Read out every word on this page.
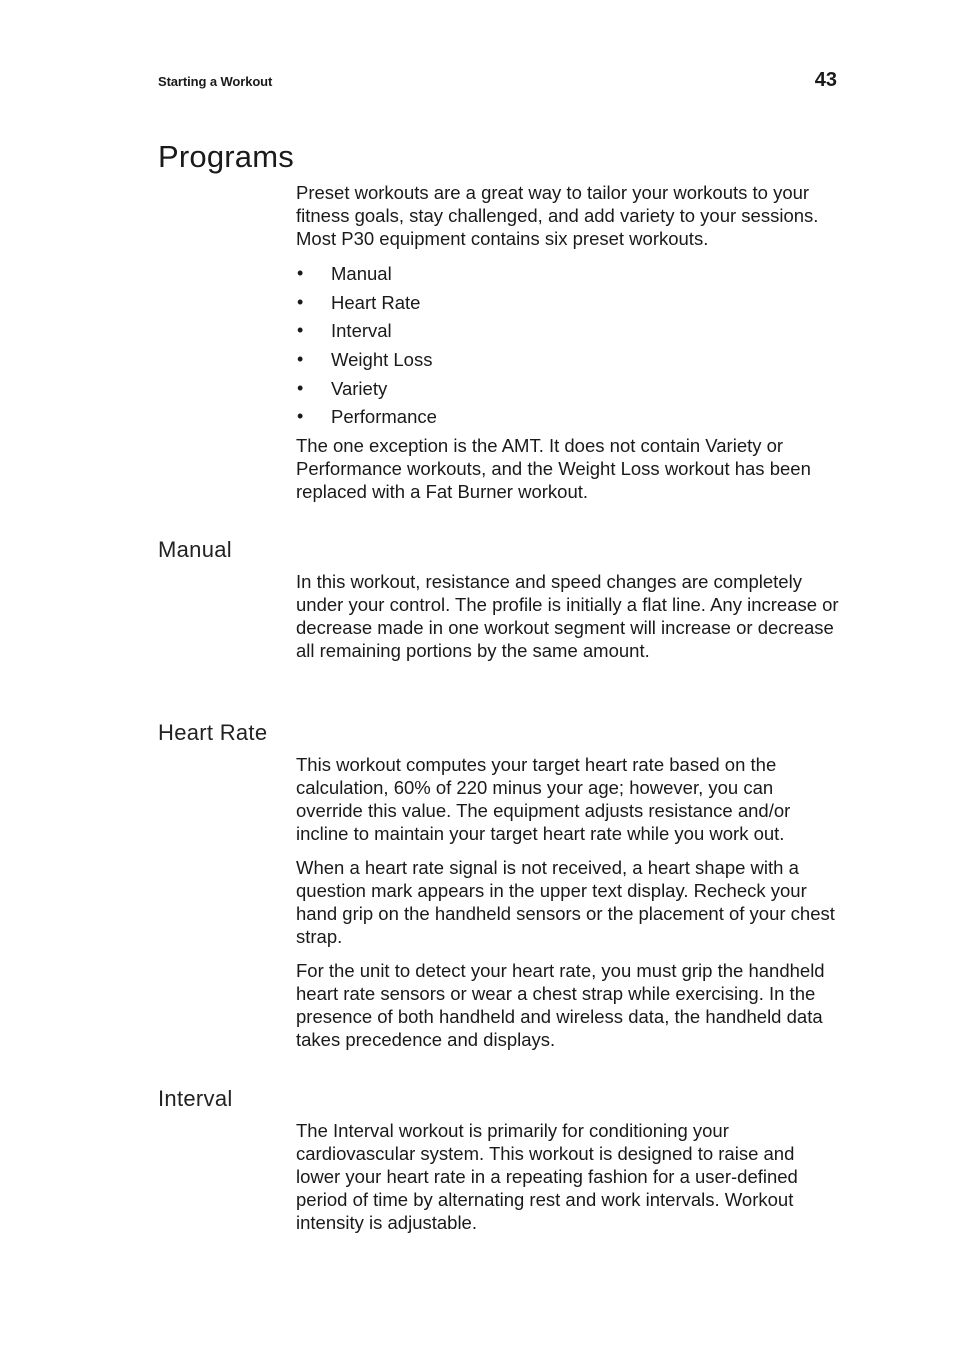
Starting a Workout	43
Programs

Preset workouts are a great way to tailor your workouts to your fitness goals, stay challenged, and add variety to your sessions. Most P30 equipment contains six preset workouts.

• Manual
• Heart Rate
• Interval
• Weight Loss
• Variety
• Performance

The one exception is the AMT. It does not contain Variety or Performance workouts, and the Weight Loss workout has been replaced with a Fat Burner workout.

Manual

In this workout, resistance and speed changes are completely under your control. The profile is initially a flat line. Any increase or decrease made in one workout segment will increase or decrease all remaining portions by the same amount.

Heart Rate

This workout computes your target heart rate based on the calculation, 60% of 220 minus your age; however, you can override this value. The equipment adjusts resistance and/or incline to maintain your target heart rate while you work out.

When a heart rate signal is not received, a heart shape with a question mark appears in the upper text display. Recheck your hand grip on the handheld sensors or the placement of your chest strap.

For the unit to detect your heart rate, you must grip the handheld heart rate sensors or wear a chest strap while exercising. In the presence of both handheld and wireless data, the handheld data takes precedence and displays.

Interval

The Interval workout is primarily for conditioning your cardiovascular system. This workout is designed to raise and lower your heart rate in a repeating fashion for a user-defined period of time by alternating rest and work intervals. Workout intensity is adjustable.
